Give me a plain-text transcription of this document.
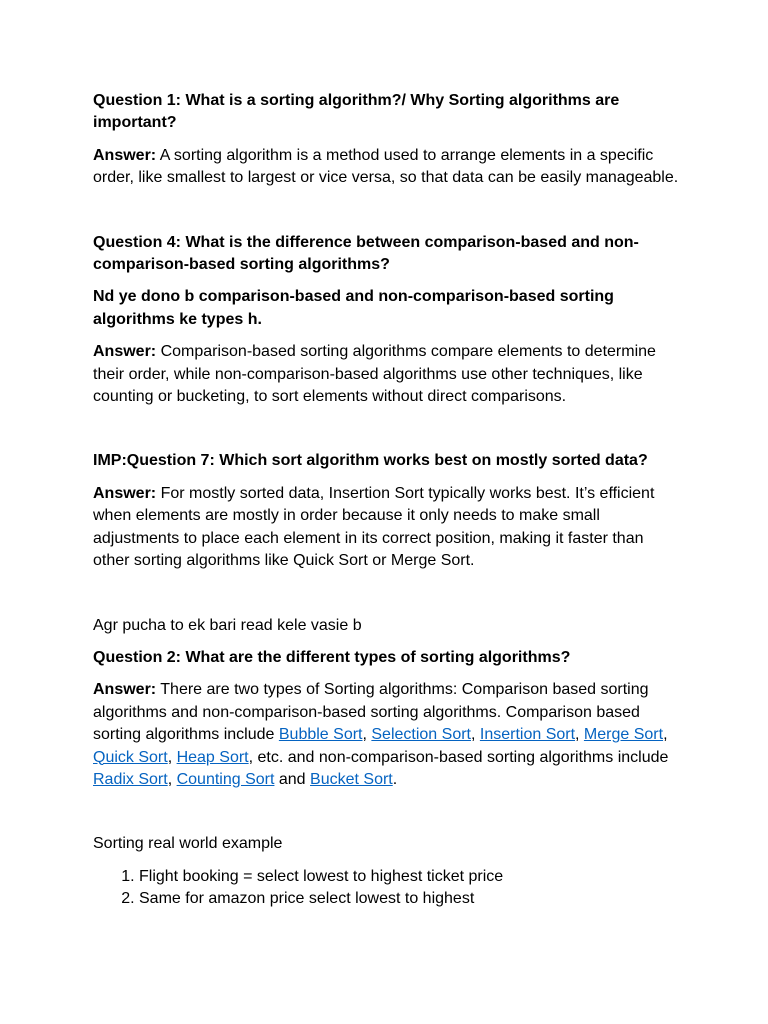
Question 1: What is a sorting algorithm?/ Why Sorting algorithms are important?

Answer: A sorting algorithm is a method used to arrange elements in a specific order, like smallest to largest or vice versa, so that data can be easily manageable.

Question 4: What is the difference between comparison-based and non-comparison-based sorting algorithms?

Nd ye dono b comparison-based and non-comparison-based sorting algorithms ke types h.

Answer: Comparison-based sorting algorithms compare elements to determine their order, while non-comparison-based algorithms use other techniques, like counting or bucketing, to sort elements without direct comparisons.

IMP:Question 7: Which sort algorithm works best on mostly sorted data?

Answer: For mostly sorted data, Insertion Sort typically works best. It’s efficient when elements are mostly in order because it only needs to make small adjustments to place each element in its correct position, making it faster than other sorting algorithms like Quick Sort or Merge Sort.

Agr pucha to ek bari read kele vasie b

Question 2: What are the different types of sorting algorithms?

Answer: There are two types of Sorting algorithms: Comparison based sorting algorithms and non-comparison-based sorting algorithms. Comparison based sorting algorithms include Bubble Sort, Selection Sort, Insertion Sort, Merge Sort, Quick Sort, Heap Sort, etc. and non-comparison-based sorting algorithms include Radix Sort, Counting Sort and Bucket Sort.

Sorting real world example

1. Flight booking = select lowest to highest ticket price
2. Same for amazon price select lowest to highest
